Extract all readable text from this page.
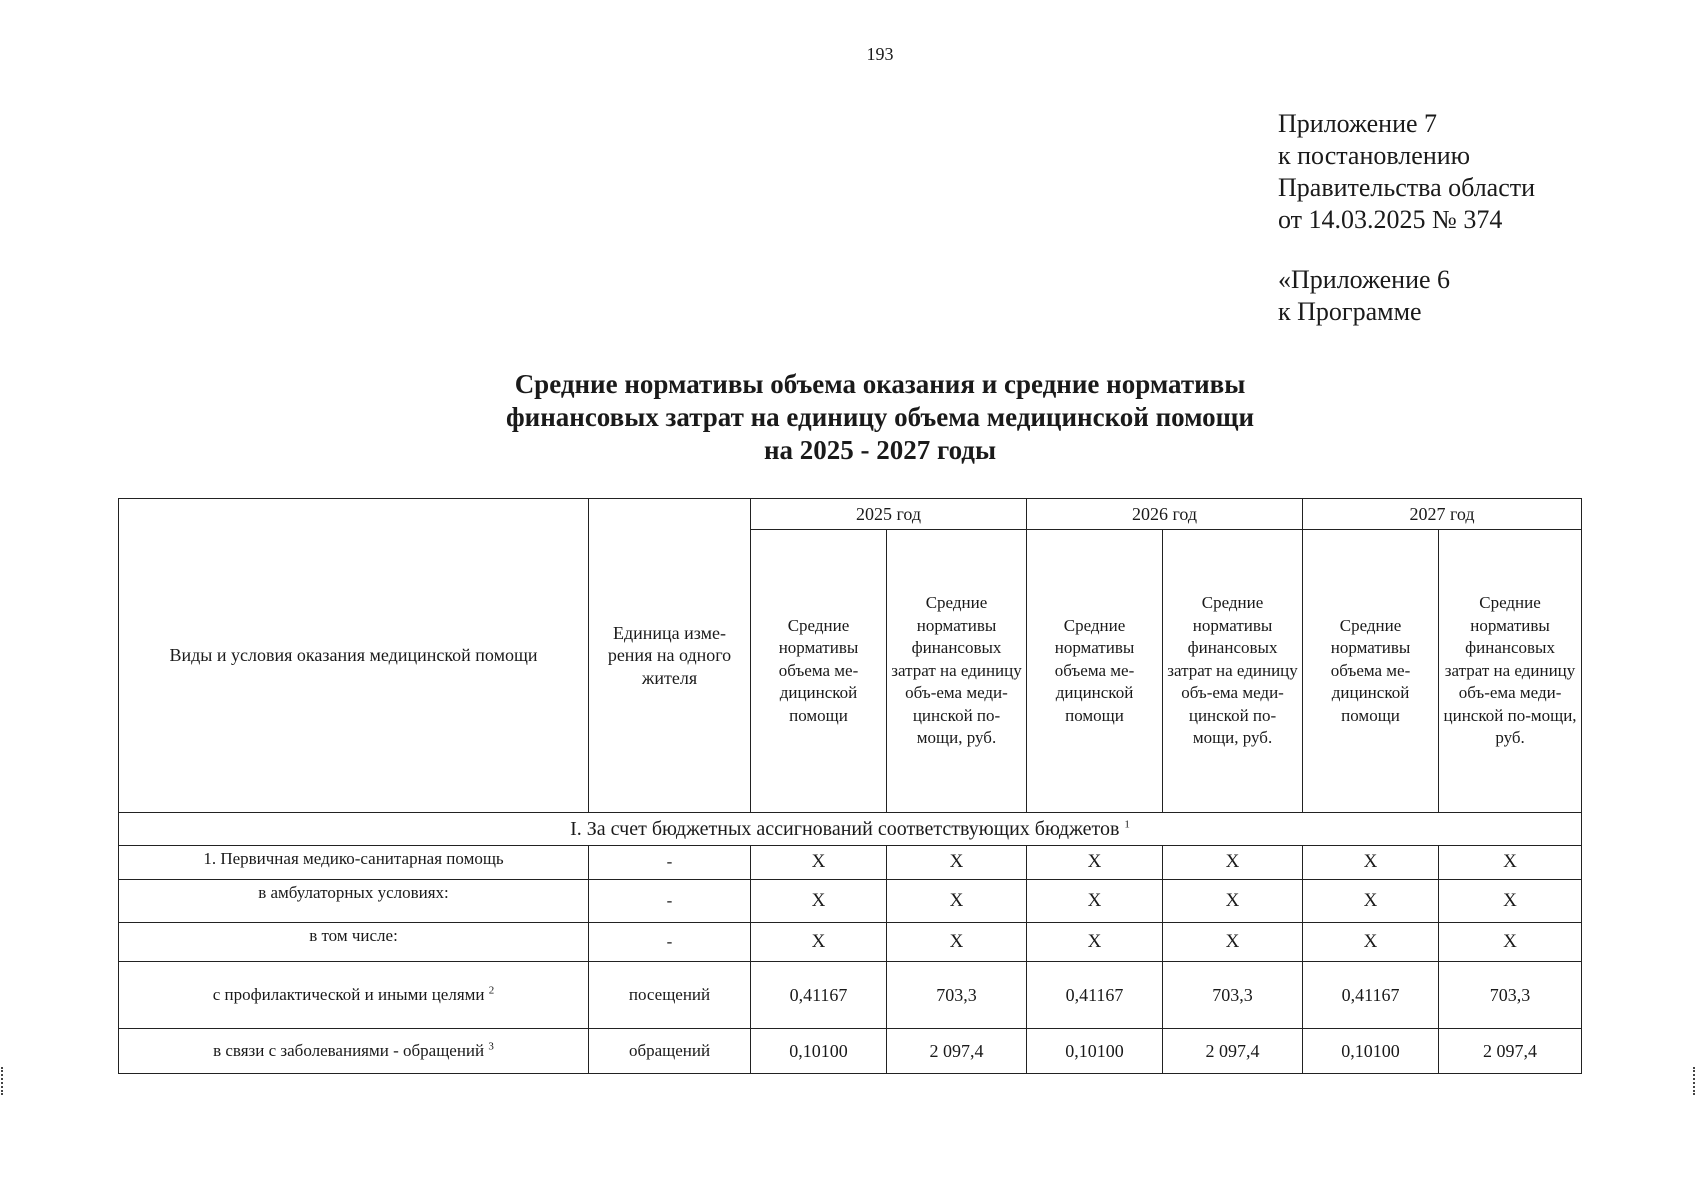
193
Приложение 7
к постановлению
Правительства области
от 14.03.2025 № 374
«Приложение 6
к Программе
Средние нормативы объема оказания и средние нормативы
финансовых затрат на единицу объема медицинской помощи
на 2025 - 2027 годы
Виды и условия оказания медицинской помощи	Единица изме-рения на одного жителя	2025 год		2026 год		2027 год	
		Средние нормативы объема ме-дицинской помощи	Средние нормативы финансовых затрат на единицу объ-ема меди-цинской по-мощи, руб.	Средние нормативы объема ме-дицинской помощи	Средние нормативы финансовых затрат на единицу объ-ема меди-цинской по-мощи, руб.	Средние нормативы объема ме-дицинской помощи	Средние нормативы финансовых затрат на единицу объ-ема меди-цинской по-мощи, руб.
I. За счет бюджетных ассигнований соответствующих бюджетов $^1$
1. Первичная медико-санитарная помощь	-	Х	Х	Х	Х	Х	Х
в амбулаторных условиях:	-	Х	Х	Х	Х	Х	Х
в том числе:	-	Х	Х	Х	Х	Х	Х
с профилактической и иными целями $^2$	посещений	0,41167	703,3	0,41167	703,3	0,41167	703,3
в связи с заболеваниями - обращений $^3$	обращений	0,10100	2 097,4	0,10100	2 097,4	0,10100	2 097,4
